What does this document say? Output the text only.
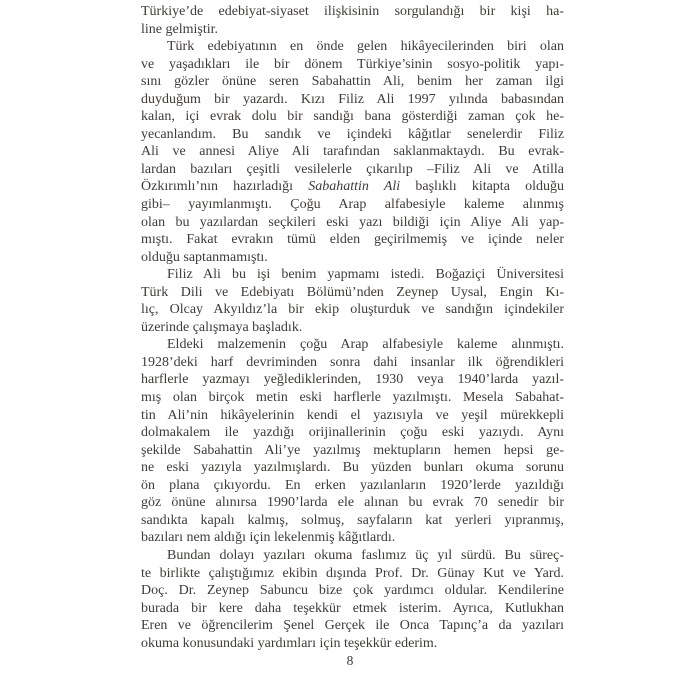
Türkiye’de edebiyat-siyaset ilişkisinin sorgulandığı bir kişi ha-
line gelmiştir.
Türk edebiyatının en önde gelen hikâyecilerinden biri olan
ve yaşadıkları ile bir dönem Türkiye’sinin sosyo-politik yapı-
sını gözler önüne seren Sabahattin Ali, benim her zaman ilgi
duyduğum bir yazardı. Kızı Filiz Ali 1997 yılında babasından
kalan, içi evrak dolu bir sandığı bana gösterdiği zaman çok he-
yecanlandım. Bu sandık ve içindeki kâğıtlar senelerdir Filiz
Ali ve annesi Aliye Ali tarafından saklanmaktaydı. Bu evrak-
lardan bazıları çeşitli vesilelerle çıkarılıp –Filiz Ali ve Atilla
Özkırımlı’nın hazırladığı Sabahattin Ali başlıklı kitapta olduğu
gibi– yayımlanmıştı. Çoğu Arap alfabesiyle kaleme alınmış
olan bu yazılardan seçkileri eski yazı bildiği için Aliye Ali yap-
mıştı. Fakat evrakın tümü elden geçirilmemiş ve içinde neler
olduğu saptanmamıştı.
Filiz Ali bu işi benim yapmamı istedi. Boğaziçi Üniversitesi
Türk Dili ve Edebiyatı Bölümü’nden Zeynep Uysal, Engin Kı-
lıç, Olcay Akyıldız’la bir ekip oluşturduk ve sandığın içindekiler
üzerinde çalışmaya başladık.
Eldeki malzemenin çoğu Arap alfabesiyle kaleme alınmıştı.
1928’deki harf devriminden sonra dahi insanlar ilk öğrendikleri
harflerle yazmayı yeğlediklerinden, 1930 veya 1940’larda yazıl-
mış olan birçok metin eski harflerle yazılmıştı. Mesela Sabahat-
tin Ali’nin hikâyelerinin kendi el yazısıyla ve yeşil mürekkepli
dolmakalem ile yazdığı orijinallerinin çoğu eski yazıydı. Aynı
şekilde Sabahattin Ali’ye yazılmış mektupların hemen hepsi ge-
ne eski yazıyla yazılmışlardı. Bu yüzden bunları okuma sorunu
ön plana çıkıyordu. En erken yazılanların 1920’lerde yazıldığı
göz önüne alınırsa 1990’larda ele alınan bu evrak 70 senedir bir
sandıkta kapalı kalmış, solmuş, sayfaların kat yerleri yıpranmış,
bazıları nem aldığı için lekelenmiş kâğıtlardı.
Bundan dolayı yazıları okuma faslımız üç yıl sürdü. Bu süreç-
te birlikte çalıştığımız ekibin dışında Prof. Dr. Günay Kut ve Yard.
Doç. Dr. Zeynep Sabuncu bize çok yardımcı oldular. Kendilerine
burada bir kere daha teşekkür etmek isterim. Ayrıca, Kutlukhan
Eren ve öğrencilerim Şenel Gerçek ile Onca Tapınç’a da yazıları
okuma konusundaki yardımları için teşekkür ederim.
8
